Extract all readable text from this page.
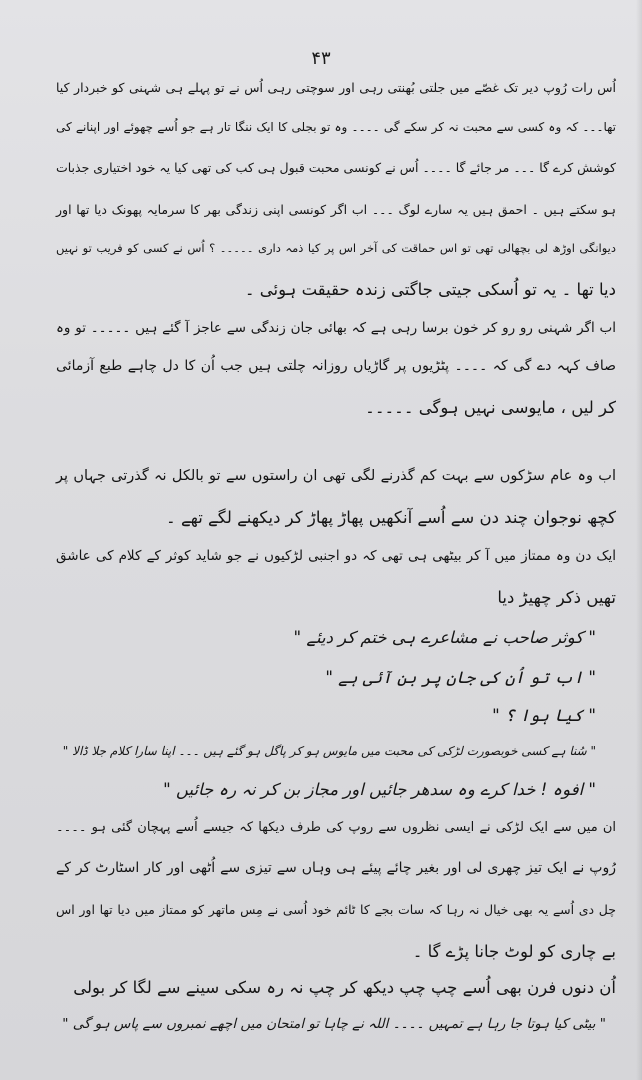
۴۳
اُس رات رُوپ دیر تک غصّے میں جلتی بُھنتی رہی اور سوچتی رہی اُس نے تو پہلے ہی شہنی کو خبردار کیا
تھا۔۔۔ کہ وہ کسی سے محبت نہ کر سکے گی ۔۔۔۔ وہ تو بجلی کا ایک ننگا تار ہے جو اُسے چھوئے اور اپنانے کی
کوشش کرے گا ۔۔۔ مر جائے گا ۔۔۔۔ اُس نے کونسی محبت قبول ہی کب کی تھی کیا یہ خود اختیاری جذبات
ہو سکتے ہیں ۔ احمق ہیں یہ سارے لوگ ۔۔۔ اب اگر کونسی اپنی زندگی بھر کا سرمایہ پھونک دیا تھا اور
دیوانگی اوڑھ لی بچھالی تھی تو اس حماقت کی آخر اس پر کیا ذمہ داری ۔۔۔۔۔ ؟ اُس نے کسی کو فریب تو نہیں
دیا تھا ۔ یہ تو اُسکی جیتی جاگتی زندہ حقیقت ہوئی ۔
اب اگر شہنی رو رو کر خون برسا رہی ہے کہ بھائی جان زندگی سے عاجز آ گئے ہیں ۔۔۔۔۔ تو وہ
صاف کہہ دے گی کہ ۔۔۔۔ پٹڑیوں پر گاڑیاں روزانہ چلتی ہیں جب اُن کا دل چاہے طبع آزمائی
کر لیں ، مایوسی نہیں ہوگی ۔۔۔۔۔
اب وہ عام سڑکوں سے بہت کم گذرنے لگی تھی ان راستوں سے تو بالکل نہ گذرتی جہاں پر
کچھ نوجوان چند دن سے اُسے آنکھیں پھاڑ پھاڑ کر دیکھنے لگے تھے ۔
ایک دن وہ ممتاز میں آ کر بیٹھی ہی تھی کہ دو اجنبی لڑکیوں نے جو شاید کوثر کے کلام کی عاشق
تھیں ذکر چھیڑ دیا
" کوثر صاحب نے مشاعرے ہی ختم کر دیئے "
" اب تو اُن کی جان پر بن آئی ہے "
" کیا ہوا ؟ "
" سُنا ہے کسی خوبصورت لڑکی کی محبت میں مایوس ہو کر پاگل ہو گئے ہیں ۔۔۔ اپنا سارا کلام جلا ڈالا "
" افوہ ! خدا کرے وہ سدھر جائیں اور مجاز بن کر نہ رہ جائیں "
ان میں سے ایک لڑکی نے ایسی نظروں سے روپ کی طرف دیکھا کہ جیسے اُسے پہچان گئی ہو ۔۔۔۔
رُوپ نے ایک تیز چھری لی اور بغیر چائے پیئے ہی وہاں سے تیزی سے اُٹھی اور کار اسٹارٹ کر کے
چل دی اُسے یہ بھی خیال نہ رہا کہ سات بجے کا ٹائم خود اُسی نے مِس ماتھر کو ممتاز میں دیا تھا اور اس
بے چاری کو لوٹ جانا پڑے گا ۔
اُن دنوں فرن بھی اُسے چپ چپ دیکھ کر چپ نہ رہ سکی سینے سے لگا کر بولی
" بیٹی کیا ہوتا جا رہا ہے تمہیں ۔۔۔۔ اللہ نے چاہا تو امتحان میں اچھے نمبروں سے پاس ہو گی "
